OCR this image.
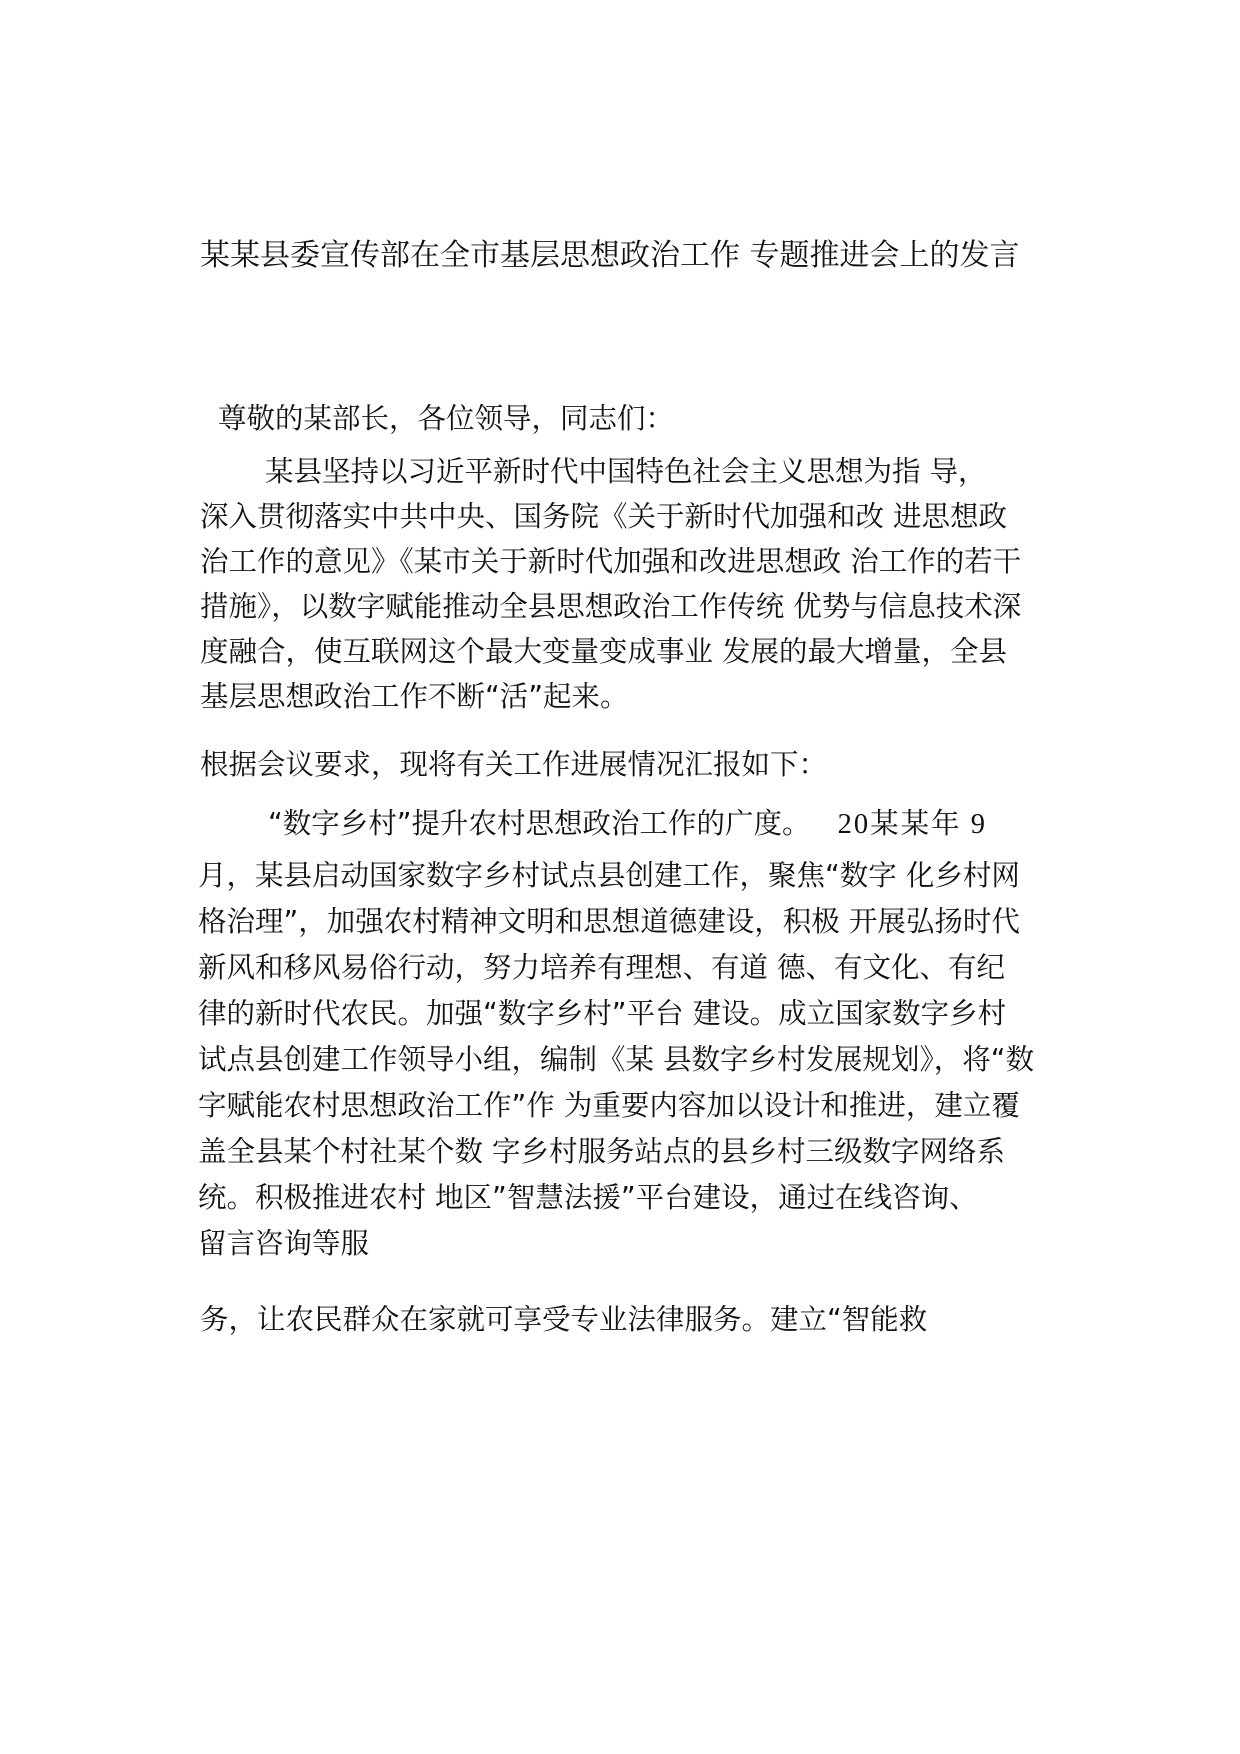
某某县委宣传部在全市基层思想政治工作 专题推进会上的发言
尊敬的某部长，各位领导，同志们：
某县坚持以习近平新时代中国特色社会主义思想为指 导，
深入贯彻落实中共中央、国务院《关于新时代加强和改 进思想政
治工作的意见》《某市关于新时代加强和改进思想政 治工作的若干
措施》，以数字赋能推动全县思想政治工作传统 优势与信息技术深
度融合，使互联网这个最大变量变成事业 发展的最大增量，全县
基层思想政治工作不断“活”起来。
根据会议要求，现将有关工作进展情况汇报如下：
“数字乡村”提升农村思想政治工作的广度。 20某某年 9
月，某县启动国家数字乡村试点县创建工作，聚焦“数字 化乡村网
格治理”，加强农村精神文明和思想道德建设，积极 开展弘扬时代
新风和移风易俗行动，努力培养有理想、有道 德、有文化、有纪
律的新时代农民。加强“数字乡村”平台 建设。成立国家数字乡村
试点县创建工作领导小组，编制《某 县数字乡村发展规划》，将“数
字赋能农村思想政治工作”作 为重要内容加以设计和推进，建立覆
盖全县某个村社某个数 字乡村服务站点的县乡村三级数字网络系
统。积极推进农村 地区”智慧法援”平台建设，通过在线咨询、
留言咨询等服
务，让农民群众在家就可享受专业法律服务。建立“智能救
